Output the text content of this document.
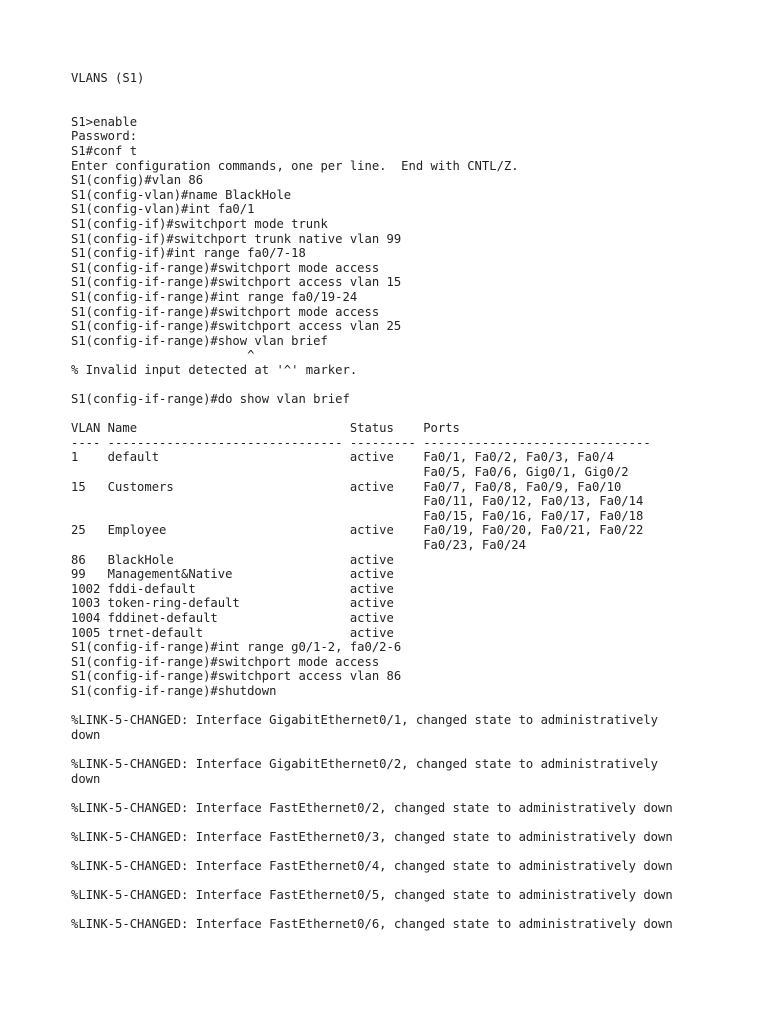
VLANS (S1)
S1>enable
Password:
S1#conf t
Enter configuration commands, one per line.  End with CNTL/Z.
S1(config)#vlan 86
S1(config-vlan)#name BlackHole
S1(config-vlan)#int fa0/1
S1(config-if)#switchport mode trunk
S1(config-if)#switchport trunk native vlan 99
S1(config-if)#int range fa0/7-18
S1(config-if-range)#switchport mode access
S1(config-if-range)#switchport access vlan 15
S1(config-if-range)#int range fa0/19-24
S1(config-if-range)#switchport mode access
S1(config-if-range)#switchport access vlan 25
S1(config-if-range)#show vlan brief
^
% Invalid input detected at '^' marker.
S1(config-if-range)#do show vlan brief
VLAN Name                             Status    Ports
---- -------------------------------- --------- -------------------------------
1    default                          active    Fa0/1, Fa0/2, Fa0/3, Fa0/4
Fa0/5, Fa0/6, Gig0/1, Gig0/2
15   Customers                        active    Fa0/7, Fa0/8, Fa0/9, Fa0/10
Fa0/11, Fa0/12, Fa0/13, Fa0/14
Fa0/15, Fa0/16, Fa0/17, Fa0/18
25   Employee                         active    Fa0/19, Fa0/20, Fa0/21, Fa0/22
Fa0/23, Fa0/24
86   BlackHole                        active
99   Management&Native                active
1002 fddi-default                     active
1003 token-ring-default               active
1004 fddinet-default                  active
1005 trnet-default                    active
S1(config-if-range)#int range g0/1-2, fa0/2-6
S1(config-if-range)#switchport mode access
S1(config-if-range)#switchport access vlan 86
S1(config-if-range)#shutdown
%LINK-5-CHANGED: Interface GigabitEthernet0/1, changed state to administratively
down
%LINK-5-CHANGED: Interface GigabitEthernet0/2, changed state to administratively
down
%LINK-5-CHANGED: Interface FastEthernet0/2, changed state to administratively down
%LINK-5-CHANGED: Interface FastEthernet0/3, changed state to administratively down
%LINK-5-CHANGED: Interface FastEthernet0/4, changed state to administratively down
%LINK-5-CHANGED: Interface FastEthernet0/5, changed state to administratively down
%LINK-5-CHANGED: Interface FastEthernet0/6, changed state to administratively down
